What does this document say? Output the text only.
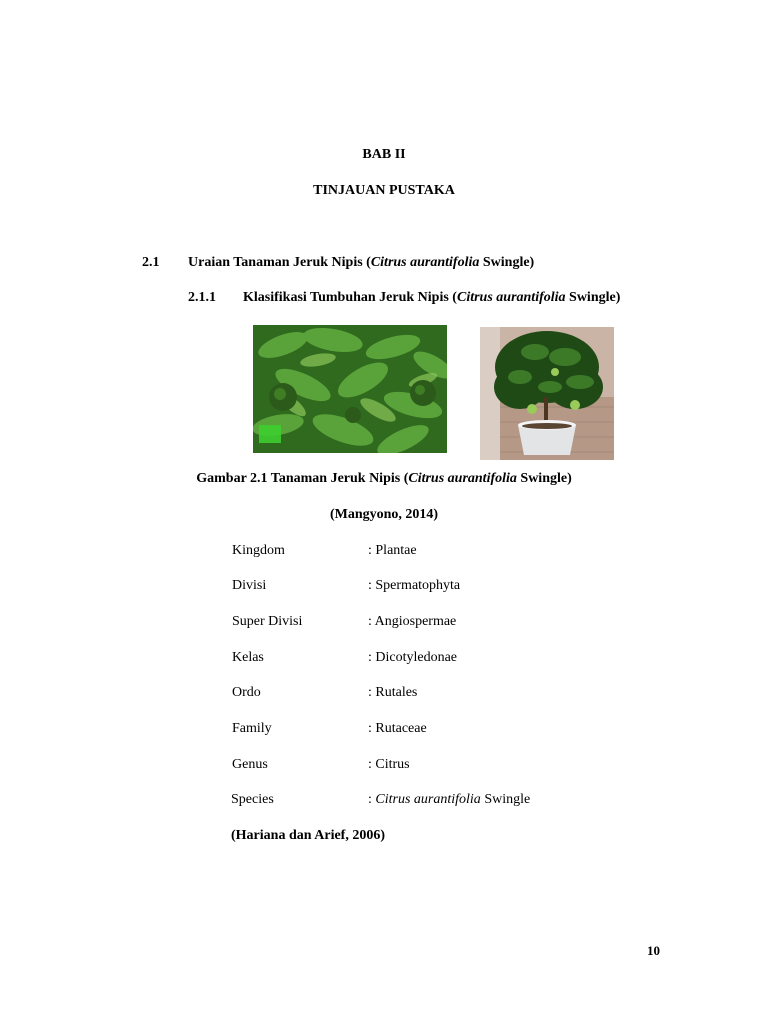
BAB II
TINJAUAN PUSTAKA
2.1 Uraian Tanaman Jeruk Nipis (Citrus aurantifolia Swingle)
2.1.1 Klasifikasi Tumbuhan Jeruk Nipis (Citrus aurantifolia Swingle)
Gambar 2.1 Tanaman Jeruk Nipis (Citrus aurantifolia Swingle)
(Mangyono, 2014)
Kingdom	: Plantae
Divisi	: Spermatophyta
Super Divisi	: Angiospermae
Kelas	: Dicotyledonae
Ordo	: Rutales
Family	: Rutaceae
Genus	: Citrus
Species	: Citrus aurantifolia Swingle
(Hariana dan Arief, 2006)
10
